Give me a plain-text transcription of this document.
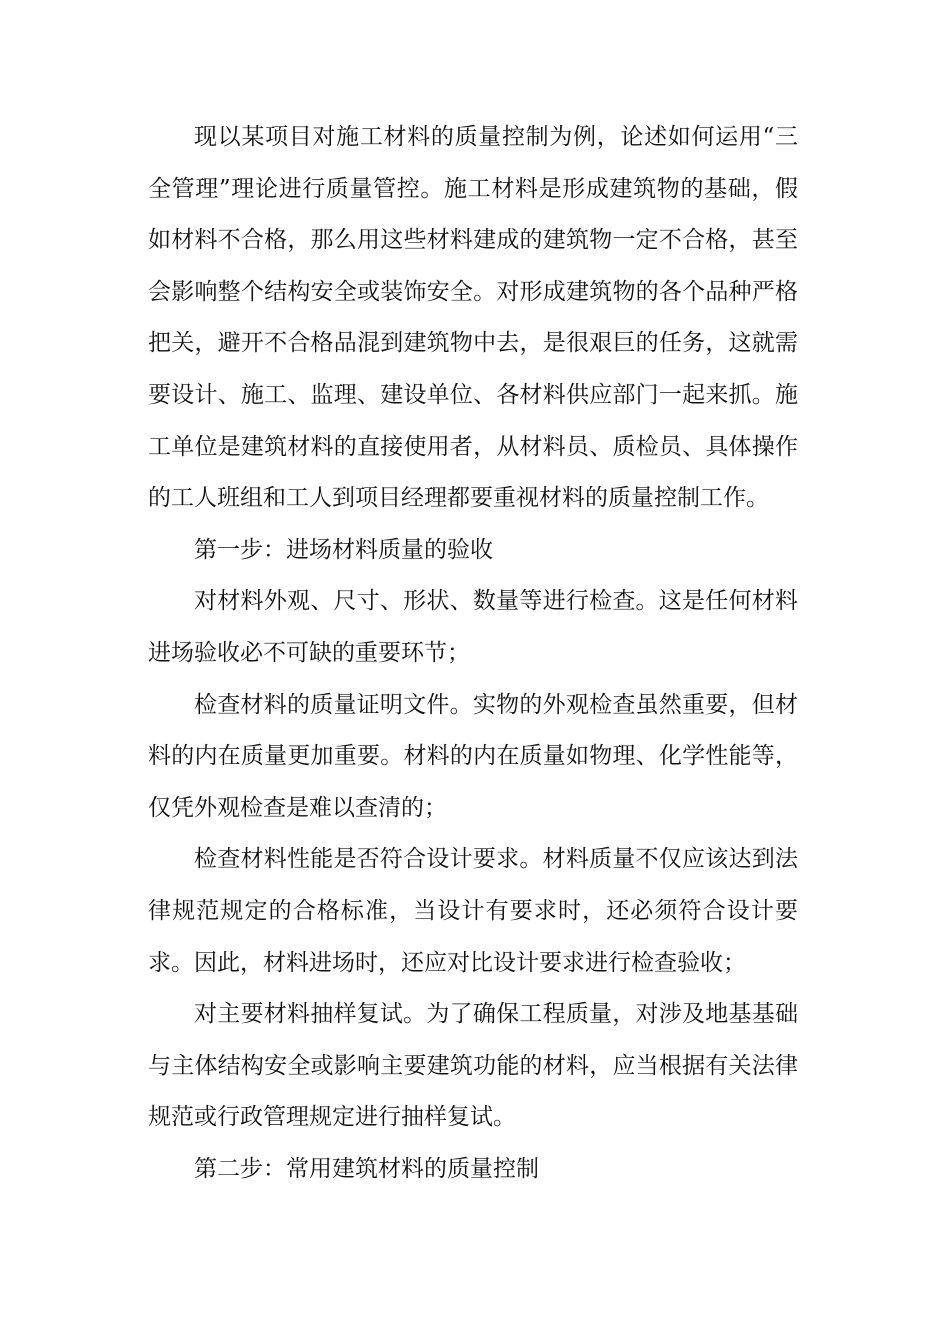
现以某项目对施工材料的质量控制为例，论述如何运用“三全管理”理论进行质量管控。施工材料是形成建筑物的基础，假如材料不合格，那么用这些材料建成的建筑物一定不合格，甚至会影响整个结构安全或装饰安全。对形成建筑物的各个品种严格把关，避开不合格品混到建筑物中去，是很艰巨的任务，这就需要设计、施工、监理、建设单位、各材料供应部门一起来抓。施工单位是建筑材料的直接使用者，从材料员、质检员、具体操作的工人班组和工人到项目经理都要重视材料的质量控制工作。

第一步：进场材料质量的验收

对材料外观、尺寸、形状、数量等进行检查。这是任何材料进场验收必不可缺的重要环节；

检查材料的质量证明文件。实物的外观检查虽然重要，但材料的内在质量更加重要。材料的内在质量如物理、化学性能等，仅凭外观检查是难以查清的；

检查材料性能是否符合设计要求。材料质量不仅应该达到法律规范规定的合格标准，当设计有要求时，还必须符合设计要求。因此，材料进场时，还应对比设计要求进行检查验收；

对主要材料抽样复试。为了确保工程质量，对涉及地基基础与主体结构安全或影响主要建筑功能的材料，应当根据有关法律规范或行政管理规定进行抽样复试。

第二步：常用建筑材料的质量控制
